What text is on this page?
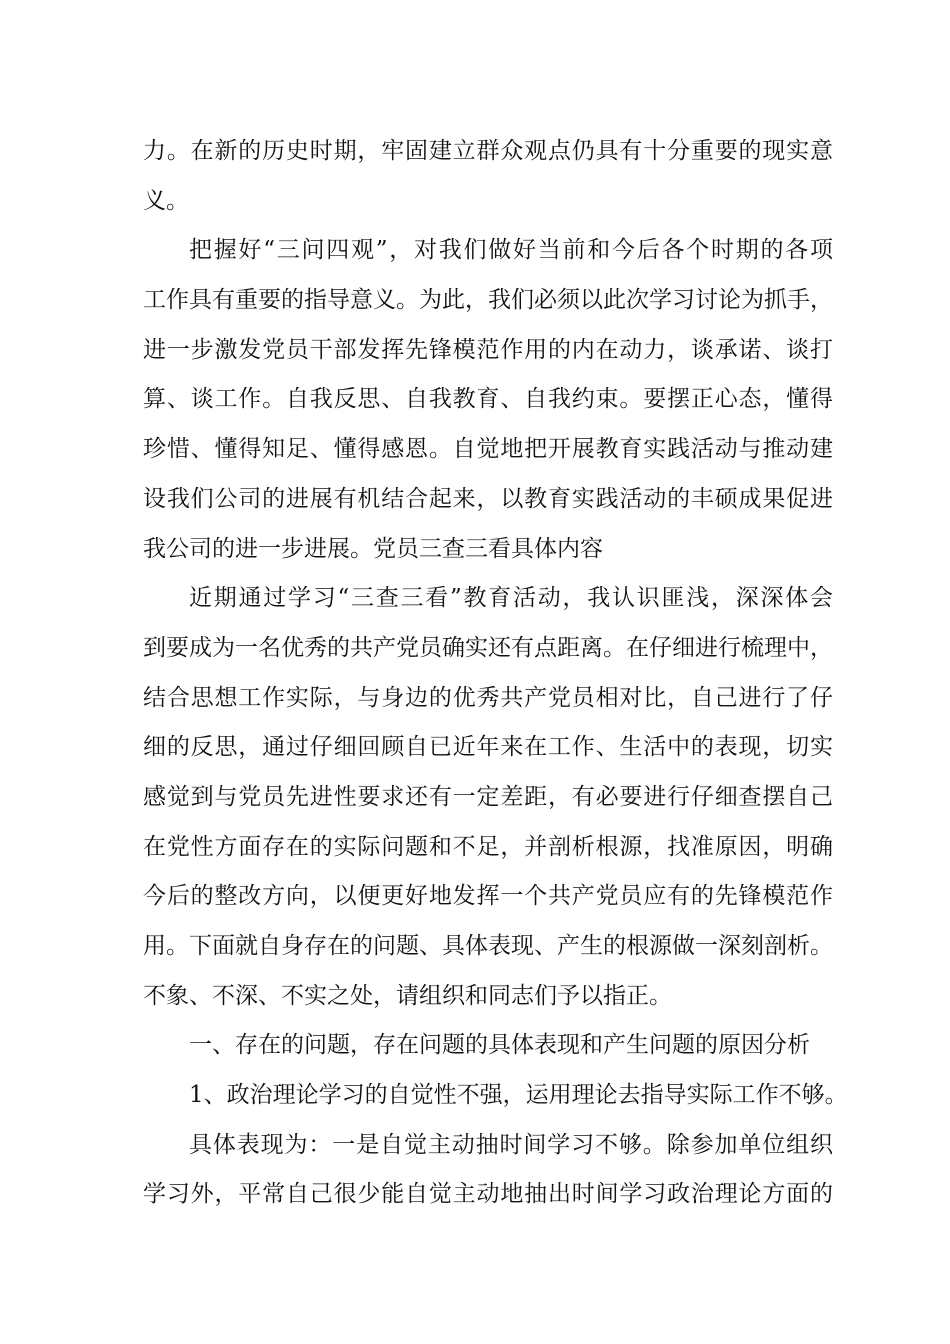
力。在新的历史时期，牢固建立群众观点仍具有十分重要的现实意
义。
把握好“三问四观”，对我们做好当前和今后各个时期的各项
工作具有重要的指导意义。为此，我们必须以此次学习讨论为抓手，
进一步激发党员干部发挥先锋模范作用的内在动力，谈承诺、谈打
算、谈工作。自我反思、自我教育、自我约束。要摆正心态，懂得
珍惜、懂得知足、懂得感恩。自觉地把开展教育实践活动与推动建
设我们公司的进展有机结合起来，以教育实践活动的丰硕成果促进
我公司的进一步进展。党员三查三看具体内容
近期通过学习“三查三看”教育活动，我认识匪浅，深深体会
到要成为一名优秀的共产党员确实还有点距离。在仔细进行梳理中，
结合思想工作实际，与身边的优秀共产党员相对比，自己进行了仔
细的反思，通过仔细回顾自已近年来在工作、生活中的表现，切实
感觉到与党员先进性要求还有一定差距，有必要进行仔细查摆自己
在党性方面存在的实际问题和不足，并剖析根源，找准原因，明确
今后的整改方向，以便更好地发挥一个共产党员应有的先锋模范作
用。下面就自身存在的问题、具体表现、产生的根源做一深刻剖析。
不象、不深、不实之处，请组织和同志们予以指正。
一、存在的问题，存在问题的具体表现和产生问题的原因分析
1、政治理论学习的自觉性不强，运用理论去指导实际工作不够。
具体表现为：一是自觉主动抽时间学习不够。除参加单位组织
学习外，平常自己很少能自觉主动地抽出时间学习政治理论方面的
